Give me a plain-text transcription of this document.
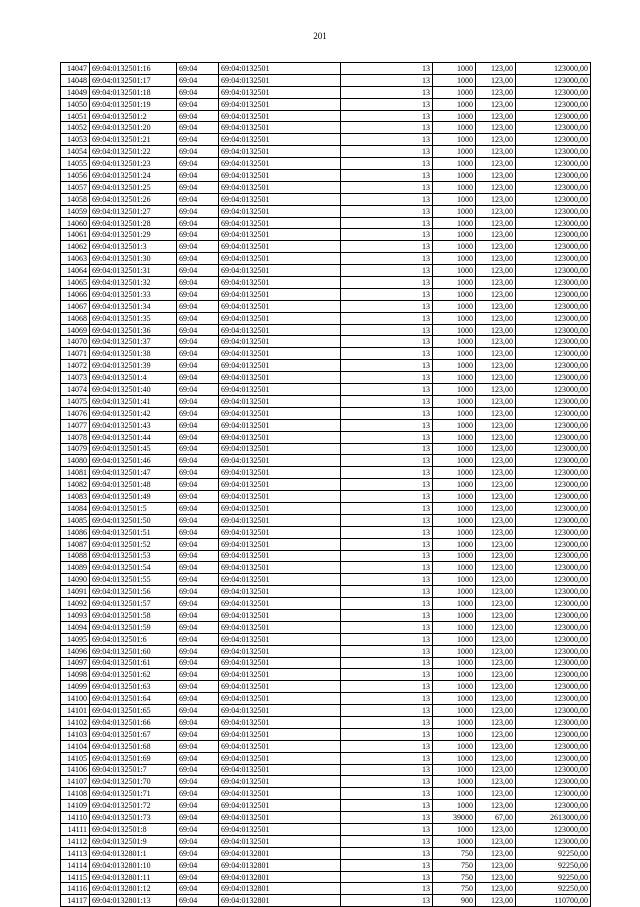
201
14047	69:04:0132501:16	69:04	69:04:0132501	13	1000	123,00	123000,00
14048	69:04:0132501:17	69:04	69:04:0132501	13	1000	123,00	123000,00
14049	69:04:0132501:18	69:04	69:04:0132501	13	1000	123,00	123000,00
14050	69:04:0132501:19	69:04	69:04:0132501	13	1000	123,00	123000,00
14051	69:04:0132501:2	69:04	69:04:0132501	13	1000	123,00	123000,00
14052	69:04:0132501:20	69:04	69:04:0132501	13	1000	123,00	123000,00
14053	69:04:0132501:21	69:04	69:04:0132501	13	1000	123,00	123000,00
14054	69:04:0132501:22	69:04	69:04:0132501	13	1000	123,00	123000,00
14055	69:04:0132501:23	69:04	69:04:0132501	13	1000	123,00	123000,00
14056	69:04:0132501:24	69:04	69:04:0132501	13	1000	123,00	123000,00
14057	69:04:0132501:25	69:04	69:04:0132501	13	1000	123,00	123000,00
14058	69:04:0132501:26	69:04	69:04:0132501	13	1000	123,00	123000,00
14059	69:04:0132501:27	69:04	69:04:0132501	13	1000	123,00	123000,00
14060	69:04:0132501:28	69:04	69:04:0132501	13	1000	123,00	123000,00
14061	69:04:0132501:29	69:04	69:04:0132501	13	1000	123,00	123000,00
14062	69:04:0132501:3	69:04	69:04:0132501	13	1000	123,00	123000,00
14063	69:04:0132501:30	69:04	69:04:0132501	13	1000	123,00	123000,00
14064	69:04:0132501:31	69:04	69:04:0132501	13	1000	123,00	123000,00
14065	69:04:0132501:32	69:04	69:04:0132501	13	1000	123,00	123000,00
14066	69:04:0132501:33	69:04	69:04:0132501	13	1000	123,00	123000,00
14067	69:04:0132501:34	69:04	69:04:0132501	13	1000	123,00	123000,00
14068	69:04:0132501:35	69:04	69:04:0132501	13	1000	123,00	123000,00
14069	69:04:0132501:36	69:04	69:04:0132501	13	1000	123,00	123000,00
14070	69:04:0132501:37	69:04	69:04:0132501	13	1000	123,00	123000,00
14071	69:04:0132501:38	69:04	69:04:0132501	13	1000	123,00	123000,00
14072	69:04:0132501:39	69:04	69:04:0132501	13	1000	123,00	123000,00
14073	69:04:0132501:4	69:04	69:04:0132501	13	1000	123,00	123000,00
14074	69:04:0132501:40	69:04	69:04:0132501	13	1000	123,00	123000,00
14075	69:04:0132501:41	69:04	69:04:0132501	13	1000	123,00	123000,00
14076	69:04:0132501:42	69:04	69:04:0132501	13	1000	123,00	123000,00
14077	69:04:0132501:43	69:04	69:04:0132501	13	1000	123,00	123000,00
14078	69:04:0132501:44	69:04	69:04:0132501	13	1000	123,00	123000,00
14079	69:04:0132501:45	69:04	69:04:0132501	13	1000	123,00	123000,00
14080	69:04:0132501:46	69:04	69:04:0132501	13	1000	123,00	123000,00
14081	69:04:0132501:47	69:04	69:04:0132501	13	1000	123,00	123000,00
14082	69:04:0132501:48	69:04	69:04:0132501	13	1000	123,00	123000,00
14083	69:04:0132501:49	69:04	69:04:0132501	13	1000	123,00	123000,00
14084	69:04:0132501:5	69:04	69:04:0132501	13	1000	123,00	123000,00
14085	69:04:0132501:50	69:04	69:04:0132501	13	1000	123,00	123000,00
14086	69:04:0132501:51	69:04	69:04:0132501	13	1000	123,00	123000,00
14087	69:04:0132501:52	69:04	69:04:0132501	13	1000	123,00	123000,00
14088	69:04:0132501:53	69:04	69:04:0132501	13	1000	123,00	123000,00
14089	69:04:0132501:54	69:04	69:04:0132501	13	1000	123,00	123000,00
14090	69:04:0132501:55	69:04	69:04:0132501	13	1000	123,00	123000,00
14091	69:04:0132501:56	69:04	69:04:0132501	13	1000	123,00	123000,00
14092	69:04:0132501:57	69:04	69:04:0132501	13	1000	123,00	123000,00
14093	69:04:0132501:58	69:04	69:04:0132501	13	1000	123,00	123000,00
14094	69:04:0132501:59	69:04	69:04:0132501	13	1000	123,00	123000,00
14095	69:04:0132501:6	69:04	69:04:0132501	13	1000	123,00	123000,00
14096	69:04:0132501:60	69:04	69:04:0132501	13	1000	123,00	123000,00
14097	69:04:0132501:61	69:04	69:04:0132501	13	1000	123,00	123000,00
14098	69:04:0132501:62	69:04	69:04:0132501	13	1000	123,00	123000,00
14099	69:04:0132501:63	69:04	69:04:0132501	13	1000	123,00	123000,00
14100	69:04:0132501:64	69:04	69:04:0132501	13	1000	123,00	123000,00
14101	69:04:0132501:65	69:04	69:04:0132501	13	1000	123,00	123000,00
14102	69:04:0132501:66	69:04	69:04:0132501	13	1000	123,00	123000,00
14103	69:04:0132501:67	69:04	69:04:0132501	13	1000	123,00	123000,00
14104	69:04:0132501:68	69:04	69:04:0132501	13	1000	123,00	123000,00
14105	69:04:0132501:69	69:04	69:04:0132501	13	1000	123,00	123000,00
14106	69:04:0132501:7	69:04	69:04:0132501	13	1000	123,00	123000,00
14107	69:04:0132501:70	69:04	69:04:0132501	13	1000	123,00	123000,00
14108	69:04:0132501:71	69:04	69:04:0132501	13	1000	123,00	123000,00
14109	69:04:0132501:72	69:04	69:04:0132501	13	1000	123,00	123000,00
14110	69:04:0132501:73	69:04	69:04:0132501	13	39000	67,00	2613000,00
14111	69:04:0132501:8	69:04	69:04:0132501	13	1000	123,00	123000,00
14112	69:04:0132501:9	69:04	69:04:0132501	13	1000	123,00	123000,00
14113	69:04:0132801:1	69:04	69:04:0132801	13	750	123,00	92250,00
14114	69:04:0132801:10	69:04	69:04:0132801	13	750	123,00	92250,00
14115	69:04:0132801:11	69:04	69:04:0132801	13	750	123,00	92250,00
14116	69:04:0132801:12	69:04	69:04:0132801	13	750	123,00	92250,00
14117	69:04:0132801:13	69:04	69:04:0132801	13	900	123,00	110700,00
